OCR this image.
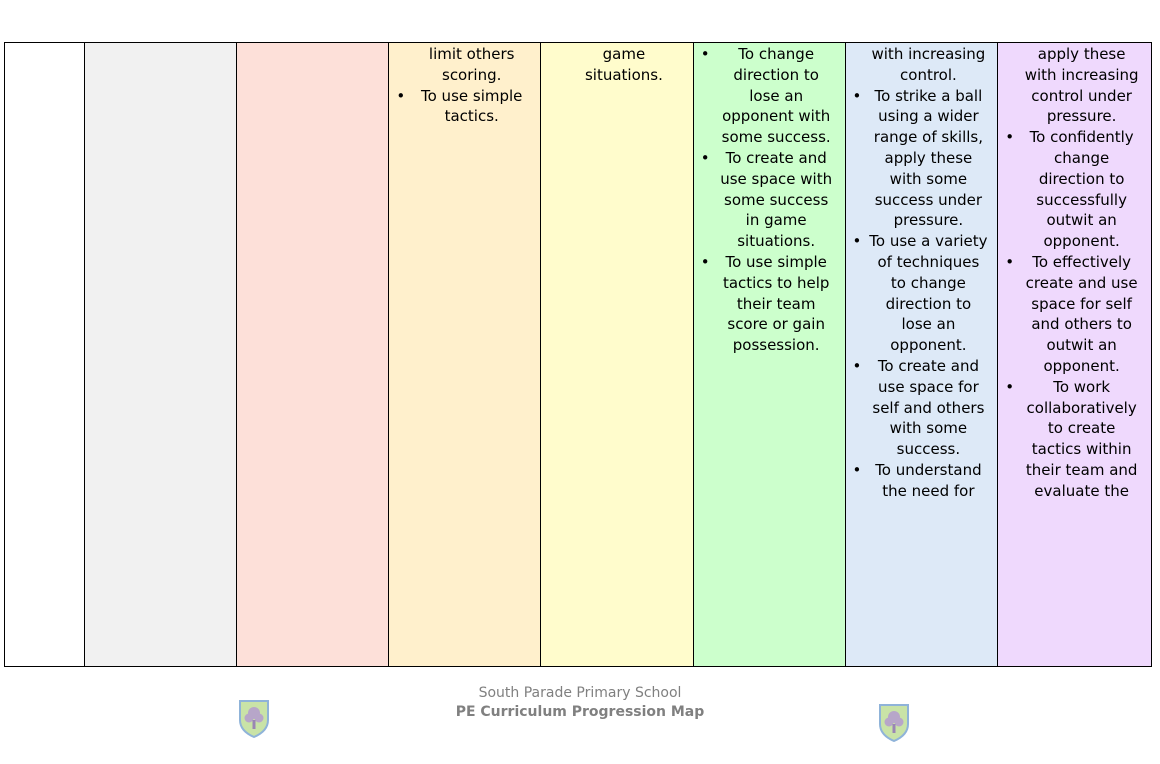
limit others scoring.
• To use simple tactics.
game situations.
• To change direction to lose an opponent with some success.
• To create and use space with some success in game situations.
• To use simple tactics to help their team score or gain possession.
with increasing control.
• To strike a ball using a wider range of skills, apply these with some success under pressure.
• To use a variety of techniques to change direction to lose an opponent.
• To create and use space for self and others with some success.
• To understand the need for
apply these with increasing control under pressure.
• To confidently change direction to successfully outwit an opponent.
• To effectively create and use space for self and others to outwit an opponent.
• To work collaboratively to create tactics within their team and evaluate the
South Parade Primary School
PE Curriculum Progression Map
